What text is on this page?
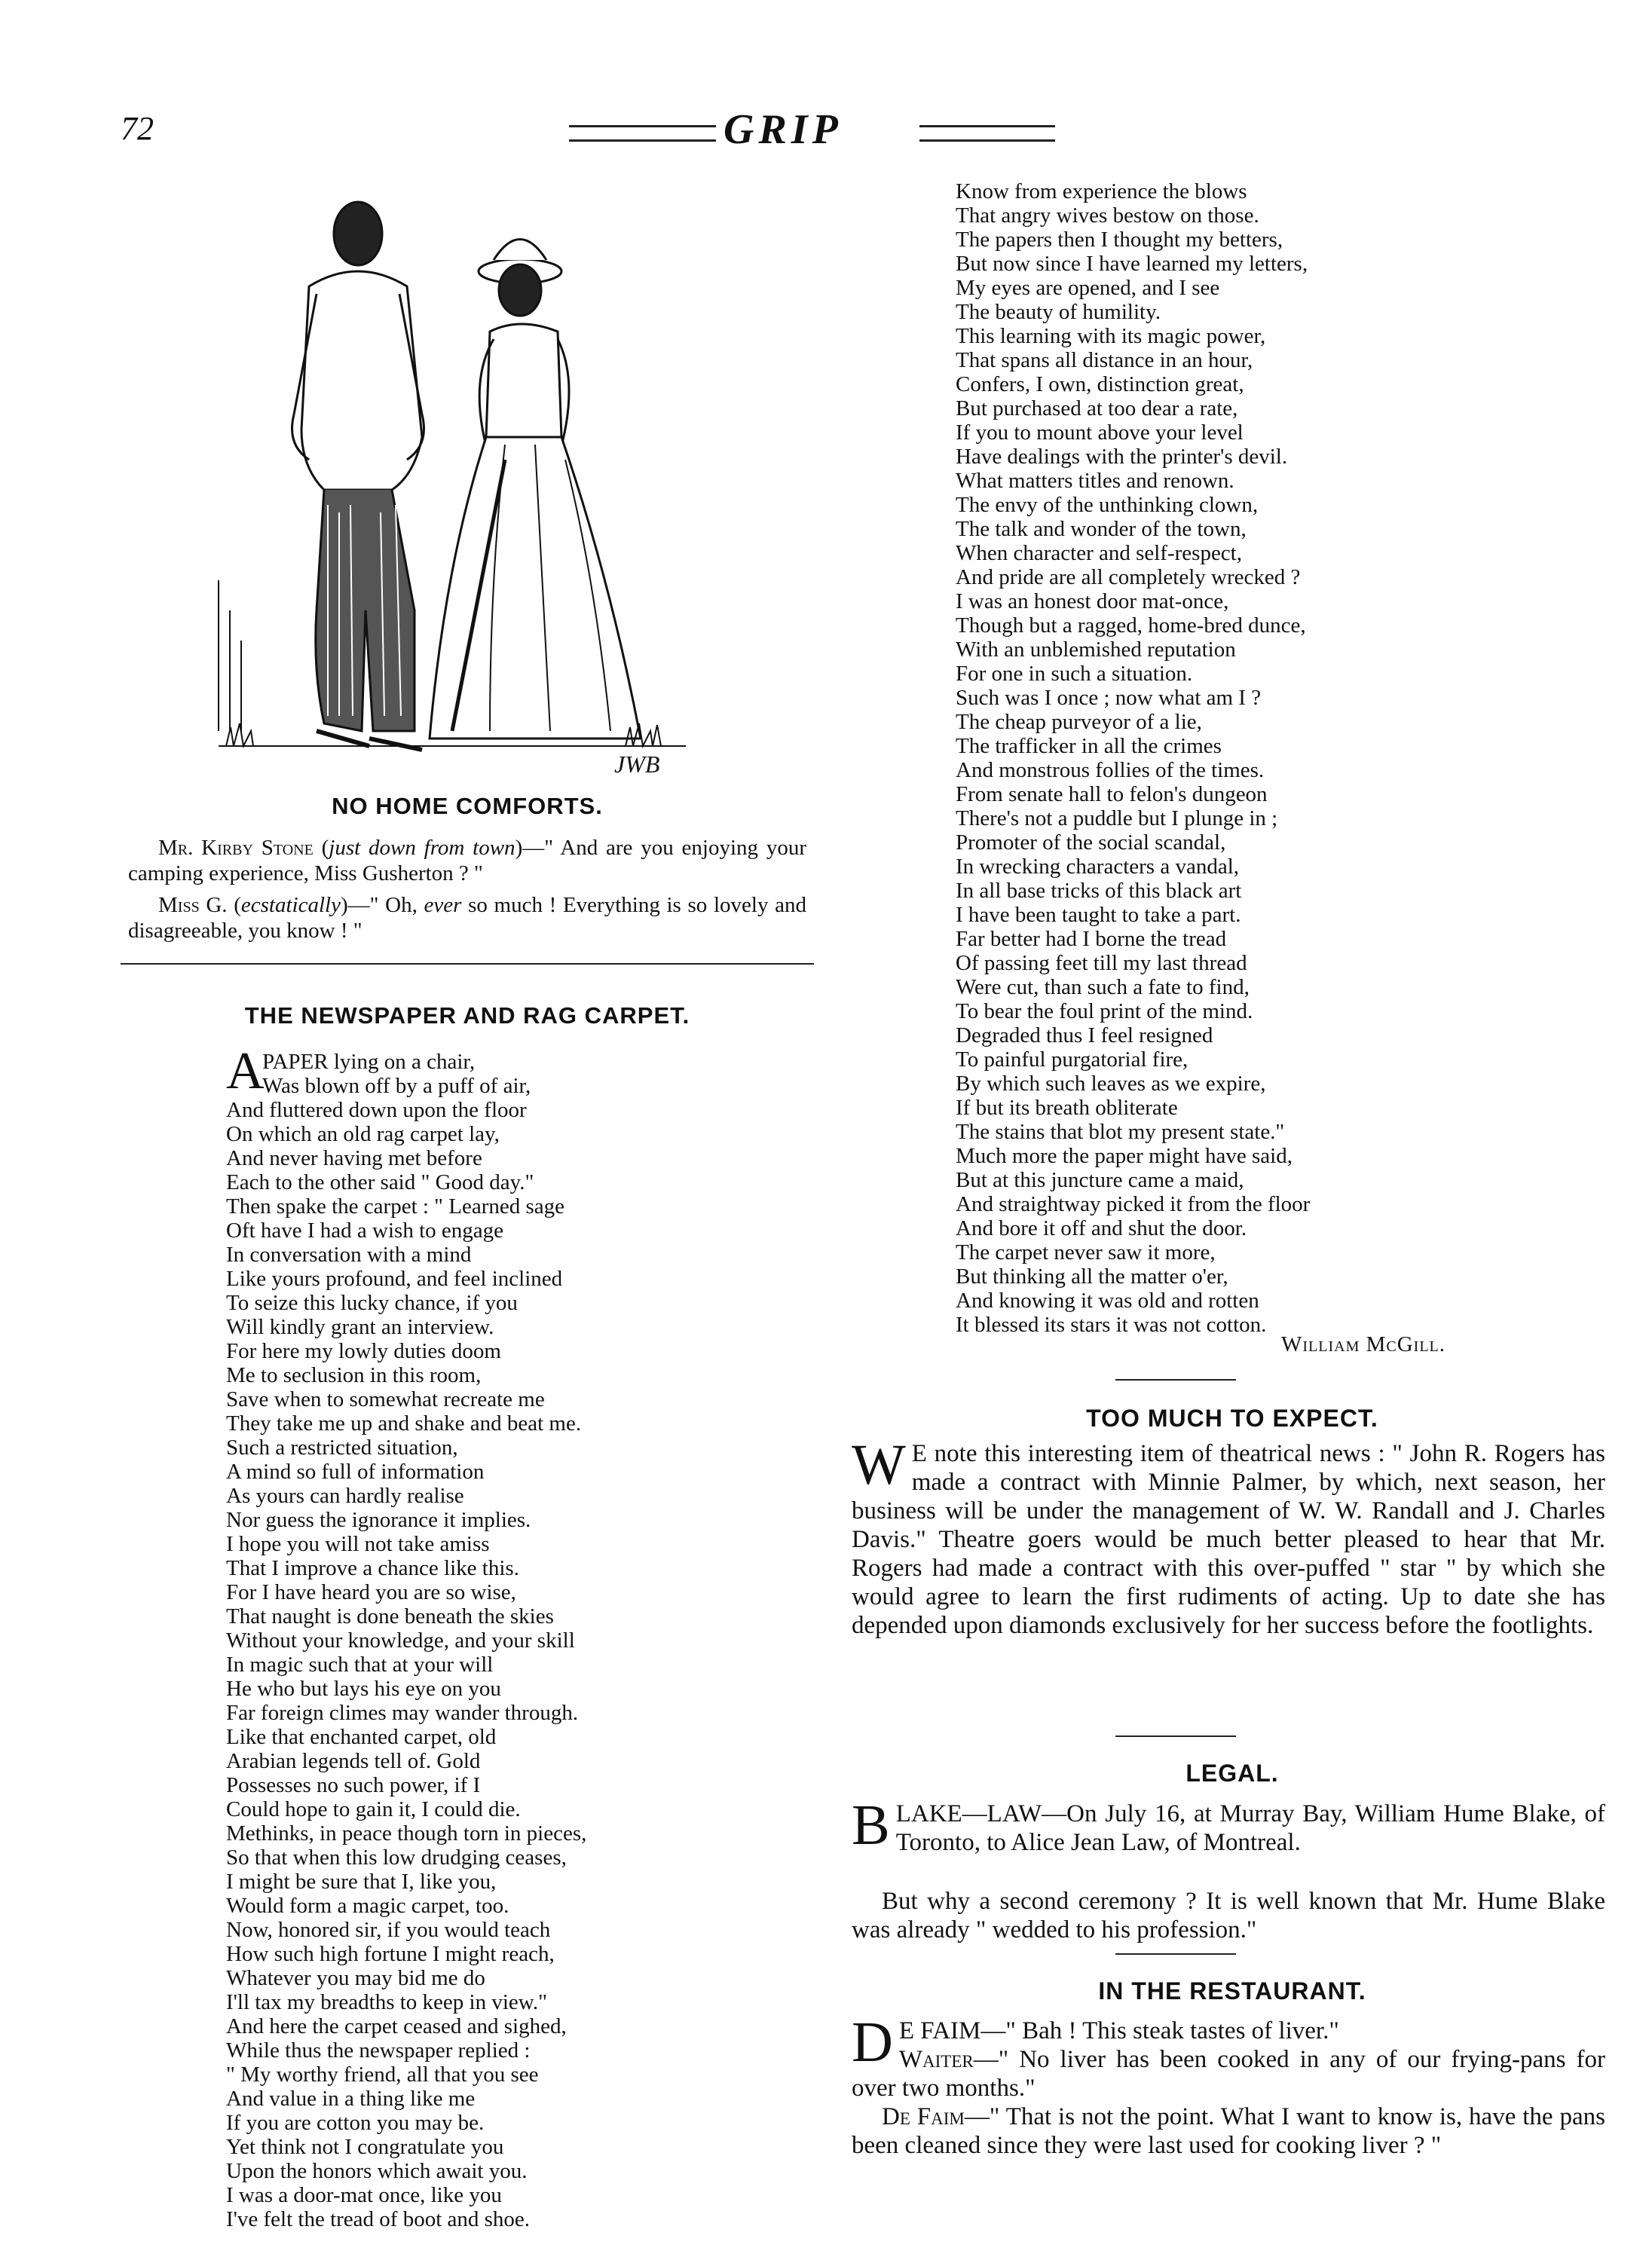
72	GRIP
JWB
NO HOME COMFORTS.
Mr. Kirby Stone (just down from town)—" And are you enjoying your camping experience, Miss Gusherton ? "
Miss G. (ecstatically)—" Oh, ever so much ! Everything is so lovely and disagreeable, you know ! "
THE NEWSPAPER AND RAG CARPET.
A
PAPER lying on a chair,
Was blown off by a puff of air,
And fluttered down upon the floor
On which an old rag carpet lay,
And never having met before
Each to the other said " Good day."
Then spake the carpet : " Learned sage
Oft have I had a wish to engage
In conversation with a mind
Like yours profound, and feel inclined
To seize this lucky chance, if you
Will kindly grant an interview.
For here my lowly duties doom
Me to seclusion in this room,
Save when to somewhat recreate me
They take me up and shake and beat me.
Such a restricted situation,
A mind so full of information
As yours can hardly realise
Nor guess the ignorance it implies.
I hope you will not take amiss
That I improve a chance like this.
For I have heard you are so wise,
That naught is done beneath the skies
Without your knowledge, and your skill
In magic such that at your will
He who but lays his eye on you
Far foreign climes may wander through.
Like that enchanted carpet, old
Arabian legends tell of. Gold
Possesses no such power, if I
Could hope to gain it, I could die.
Methinks, in peace though torn in pieces,
So that when this low drudging ceases,
I might be sure that I, like you,
Would form a magic carpet, too.
Now, honored sir, if you would teach
How such high fortune I might reach,
Whatever you may bid me do
I'll tax my breadths to keep in view."
And here the carpet ceased and sighed,
While thus the newspaper replied :
" My worthy friend, all that you see
And value in a thing like me
If you are cotton you may be.
Yet think not I congratulate you
Upon the honors which await you.
I was a door-mat once, like you
I've felt the tread of boot and shoe.
Know from experience the blows
That angry wives bestow on those.
The papers then I thought my betters,
But now since I have learned my letters,
My eyes are opened, and I see
The beauty of humility.
This learning with its magic power,
That spans all distance in an hour,
Confers, I own, distinction great,
But purchased at too dear a rate,
If you to mount above your level
Have dealings with the printer's devil.
What matters titles and renown.
The envy of the unthinking clown,
The talk and wonder of the town,
When character and self-respect,
And pride are all completely wrecked ?
I was an honest door mat-once,
Though but a ragged, home-bred dunce,
With an unblemished reputation
For one in such a situation.
Such was I once ; now what am I ?
The cheap purveyor of a lie,
The trafficker in all the crimes
And monstrous follies of the times.
From senate hall to felon's dungeon
There's not a puddle but I plunge in ;
Promoter of the social scandal,
In wrecking characters a vandal,
In all base tricks of this black art
I have been taught to take a part.
Far better had I borne the tread
Of passing feet till my last thread
Were cut, than such a fate to find,
To bear the foul print of the mind.
Degraded thus I feel resigned
To painful purgatorial fire,
By which such leaves as we expire,
If but its breath obliterate
The stains that blot my present state."
Much more the paper might have said,
But at this juncture came a maid,
And straightway picked it from the floor
And bore it off and shut the door.
The carpet never saw it more,
But thinking all the matter o'er,
And knowing it was old and rotten
It blessed its stars it was not cotton.
William McGill.
TOO MUCH TO EXPECT.
W E note this interesting item of theatrical news : " John R. Rogers has made a contract with Minnie Palmer, by which, next season, her business will be under the management of W. W. Randall and J. Charles Davis." Theatre goers would be much better pleased to hear that Mr. Rogers had made a contract with this over-puffed " star " by which she would agree to learn the first rudiments of acting. Up to date she has depended upon diamonds exclusively for her success before the footlights.
LEGAL.
BLAKE—LAW—On July 16, at Murray Bay, William Hume Blake, of Toronto, to Alice Jean Law, of Montreal.
But why a second ceremony ? It is well known that Mr. Hume Blake was already " wedded to his profession."
IN THE RESTAURANT.
D E FAIM—" Bah ! This steak tastes of liver."
Waiter—" No liver has been cooked in any of our frying-pans for over two months."
De Faim—" That is not the point. What I want to know is, have the pans been cleaned since they were last used for cooking liver ? "
